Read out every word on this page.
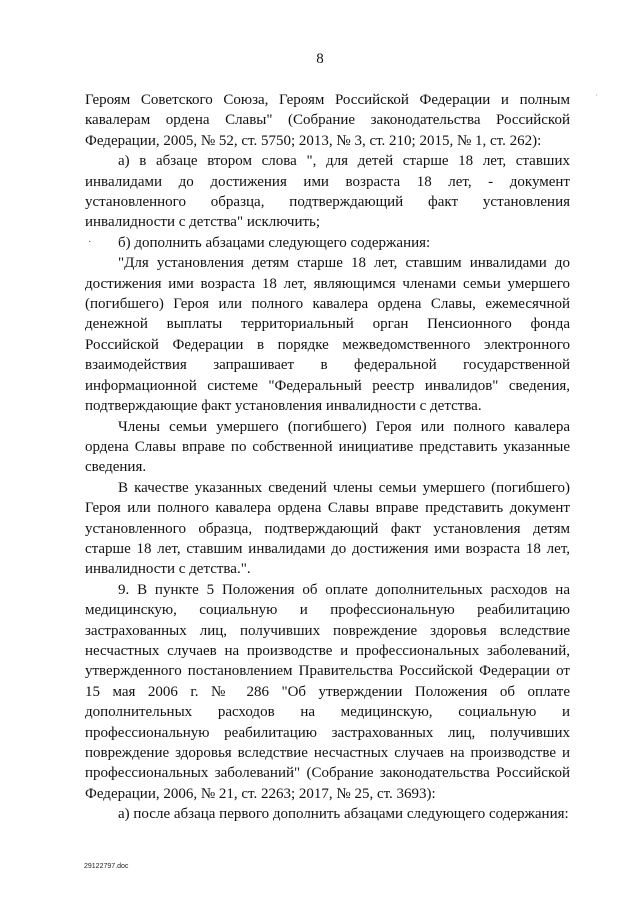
8
·
·

Героям Советского Союза, Героям Российской Федерации и полным кавалерам ордена Славы" (Собрание законодательства Российской Федерации, 2005, № 52, ст. 5750; 2013, № 3, ст. 210; 2015, № 1, ст. 262):

а) в абзаце втором слова ", для детей старше 18 лет, ставших инвалидами до достижения ими возраста 18 лет, - документ установленного образца, подтверждающий факт установления инвалидности с детства" исключить;

б) дополнить абзацами следующего содержания:

"Для установления детям старше 18 лет, ставшим инвалидами до достижения ими возраста 18 лет, являющимся членами семьи умершего (погибшего) Героя или полного кавалера ордена Славы, ежемесячной денежной выплаты территориальный орган Пенсионного фонда Российской Федерации в порядке межведомственного электронного взаимодействия запрашивает в федеральной государственной информационной системе "Федеральный реестр инвалидов" сведения, подтверждающие факт установления инвалидности с детства.

Члены семьи умершего (погибшего) Героя или полного кавалера ордена Славы вправе по собственной инициативе представить указанные сведения.

В качестве указанных сведений члены семьи умершего (погибшего) Героя или полного кавалера ордена Славы вправе представить документ установленного образца, подтверждающий факт установления детям старше 18 лет, ставшим инвалидами до достижения ими возраста 18 лет, инвалидности с детства.".

9. В пункте 5 Положения об оплате дополнительных расходов на медицинскую, социальную и профессиональную реабилитацию застрахованных лиц, получивших повреждение здоровья вследствие несчастных случаев на производстве и профессиональных заболеваний, утвержденного постановлением Правительства Российской Федерации от 15 мая 2006 г. № 286 "Об утверждении Положения об оплате дополнительных расходов на медицинскую, социальную и профессиональную реабилитацию застрахованных лиц, получивших повреждение здоровья вследствие несчастных случаев на производстве и профессиональных заболеваний" (Собрание законодательства Российской Федерации, 2006, № 21, ст. 2263; 2017, № 25, ст. 3693):

а) после абзаца первого дополнить абзацами следующего содержания:

29122797.doc
